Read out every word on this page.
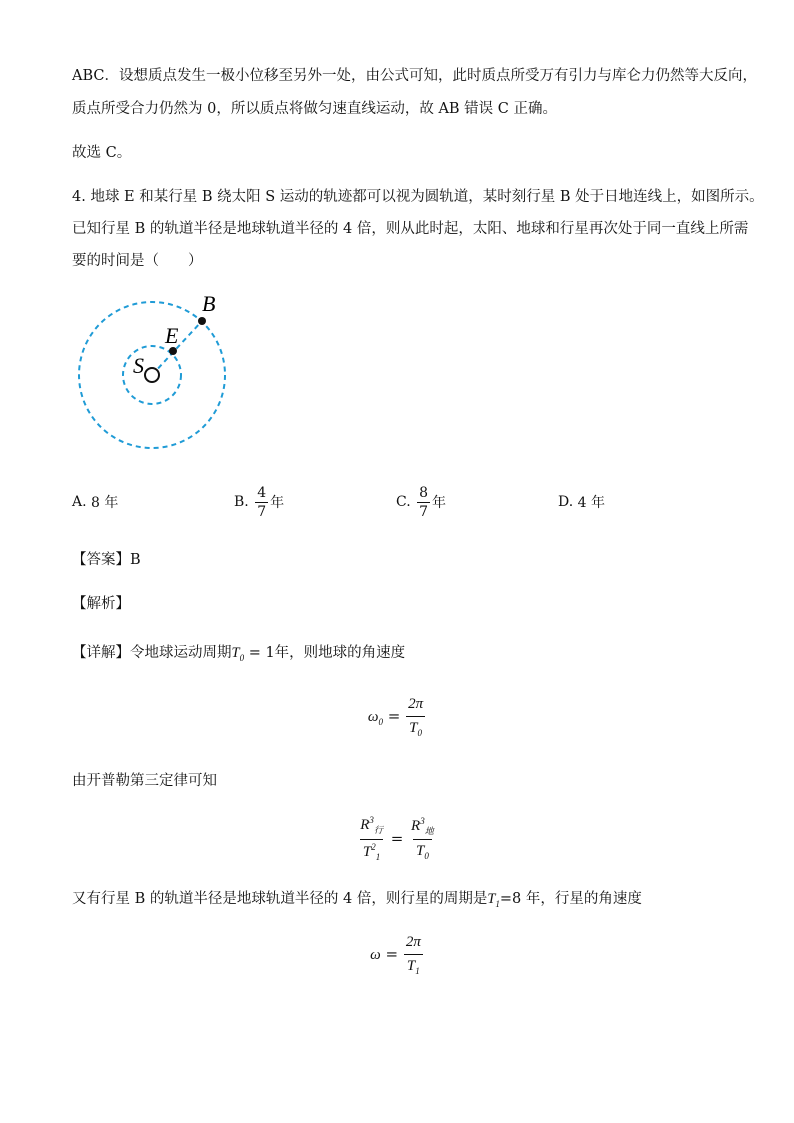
ABC．设想质点发生一极小位移至另外一处，由公式可知，此时质点所受万有引力与库仑力仍然等大反向，
质点所受合力仍然为 0，所以质点将做匀速直线运动，故 AB 错误 C 正确。
故选 C。
4. 地球 E 和某行星 B 绕太阳 S 运动的轨迹都可以视为圆轨道，某时刻行星 B 处于日地连线上，如图所示。
已知行星 B 的轨道半径是地球轨道半径的 4 倍，则从此时起，太阳、地球和行星再次处于同一直线上所需
要的时间是（　　）
B
E
S
A.
8 年	B.
$\frac{4}{7}$ 年	C.
$\frac{8}{7}$ 年	D.
4 年
【答案】B
【解析】
【详解】令地球运动周期$T_0 = 1$年，则地球的角速度
$\omega_0 = \frac{2\pi}{T_0}$
由开普勒第三定律可知
$\frac{R^3_行}{T^2_1} = \frac{R^3_地}{T_0}$
又有行星 B 的轨道半径是地球轨道半径的 4 倍，则行星的周期是$T_1=8$ 年，行星的角速度
$\omega = \frac{2\pi}{T_1}$
